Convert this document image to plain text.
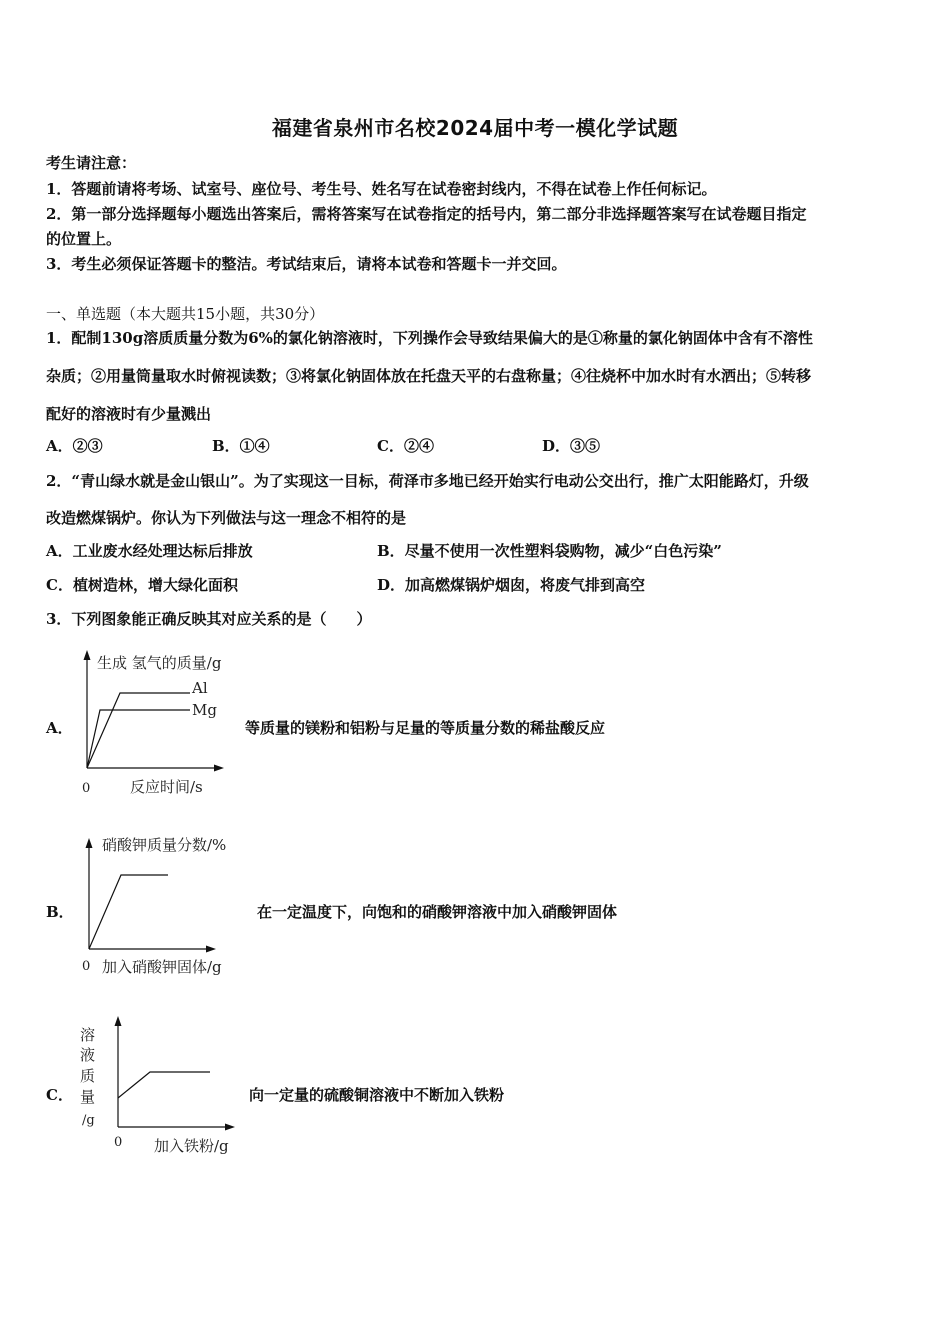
福建省泉州市名校2024届中考一模化学试题
考生请注意：
1．答题前请将考场、试室号、座位号、考生号、姓名写在试卷密封线内，不得在试卷上作任何标记。
2．第一部分选择题每小题选出答案后，需将答案写在试卷指定的括号内，第二部分非选择题答案写在试卷题目指定
的位置上。
3．考生必须保证答题卡的整洁。考试结束后，请将本试卷和答题卡一并交回。
一、单选题（本大题共15小题，共30分）
1．配制130g溶质质量分数为6%的氯化钠溶液时，下列操作会导致结果偏大的是①称量的氯化钠固体中含有不溶性
杂质；②用量筒量取水时俯视读数；③将氯化钠固体放在托盘天平的右盘称量；④往烧杯中加水时有水洒出；⑤转移
配好的溶液时有少量溅出
A．②③	B．①④	C．②④	D．③⑤
2．“青山绿水就是金山银山”。为了实现这一目标，荷泽市多地已经开始实行电动公交出行，推广太阳能路灯，升级
改造燃煤锅炉。你认为下列做法与这一理念不相符的是
A．工业废水经处理达标后排放	B．尽量不使用一次性塑料袋购物，减少“白色污染”
C．植树造林，增大绿化面积	D．加高燃煤锅炉烟囱，将废气排到高空
3．下列图象能正确反映其对应关系的是（　　）
A．
生成 氢气的质量/g
Al
Mg
0	反应时间/s
硝酸钾质量分数/%
0 加入硝酸钾固体/g
溶
液
质
量
/g
0 加入铁粉/g
等质量的镁粉和铝粉与足量的等质量分数的稀盐酸反应
B．	在一定温度下，向饱和的硝酸钾溶液中加入硝酸钾固体
C．	向一定量的硫酸铜溶液中不断加入铁粉
